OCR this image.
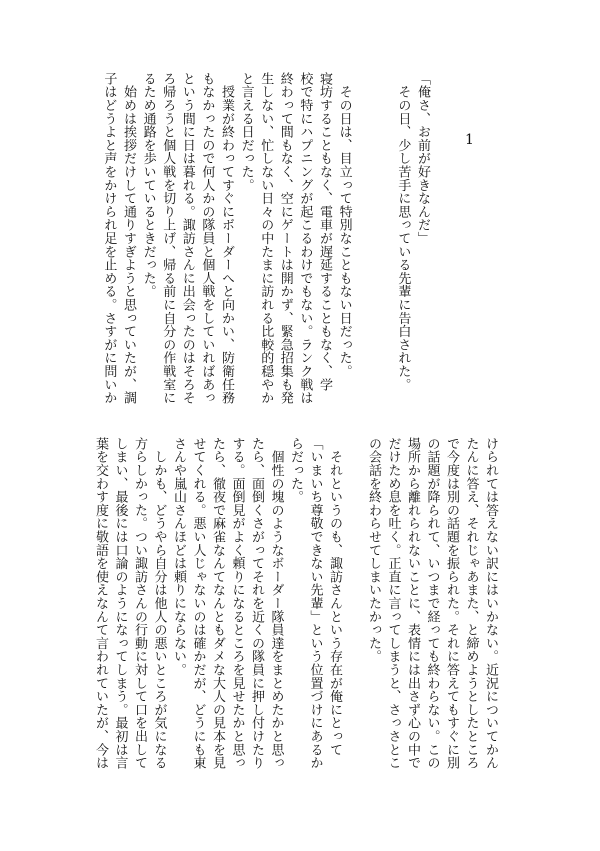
1
「俺さ、お前が好きなんだ」
　その日、少し苦手に思っている先輩に告白された。
　その日は、目立って特別なこともない日だった。
寝坊することもなく、電車が遅延することもなく、学
校で特にハプニングが起こるわけでもない。ランク戦は
終わって間もなく、空にゲートは開かず、緊急招集も発
生しない、忙しない日々の中たまに訪れる比較的穏やか
と言える日だった。
　授業が終わってすぐにボーダーへと向かい、防衛任務
もなかったので何人かの隊員と個人戦をしていればあっ
という間に日は暮れる。諏訪さんに出会ったのはそろそ
ろ帰ろうと個人戦を切り上げ、帰る前に自分の作戦室に
るため通路を歩いているときだった。
　始めは挨拶だけして通りすぎようと思っていたが、調
子はどうよと声をかけられ足を止める。さすがに問いか
けられては答えない訳にはいかない。近況についてかん
たんに答え、それじゃあまた、と締めようとしたところ
で今度は別の話題を振られた。それに答えてもすぐに別
の話題が降られて、いつまで経っても終わらない。この
場所から離れられないことに、表情には出さず心の中で
だけため息を吐く。正直に言ってしまうと、さっさとこ
の会話を終わらせてしまいたかった。
　それというのも、諏訪さんという存在が俺にとって
「いまいち尊敬できない先輩」という位置づけにあるか
らだった。
　個性の塊のようなボーダー隊員達をまとめたかと思っ
たら、面倒くさがってそれを近くの隊員に押し付けたり
する。面倒見がよく頼りになるところを見せたかと思っ
たら、徹夜で麻雀なんてなんともダメな大人の見本を見
せてくれる。悪い人じゃないのは確かだが、どうにも東
さんや嵐山さんほどは頼りにならない。
　しかも、どうやら自分は他人の悪いところが気になる
方らしかった。つい諏訪さんの行動に対して口を出して
しまい、最後には口論のようになってしまう。最初は言
葉を交わす度に敬語を使えなんて言われていたが、今は
